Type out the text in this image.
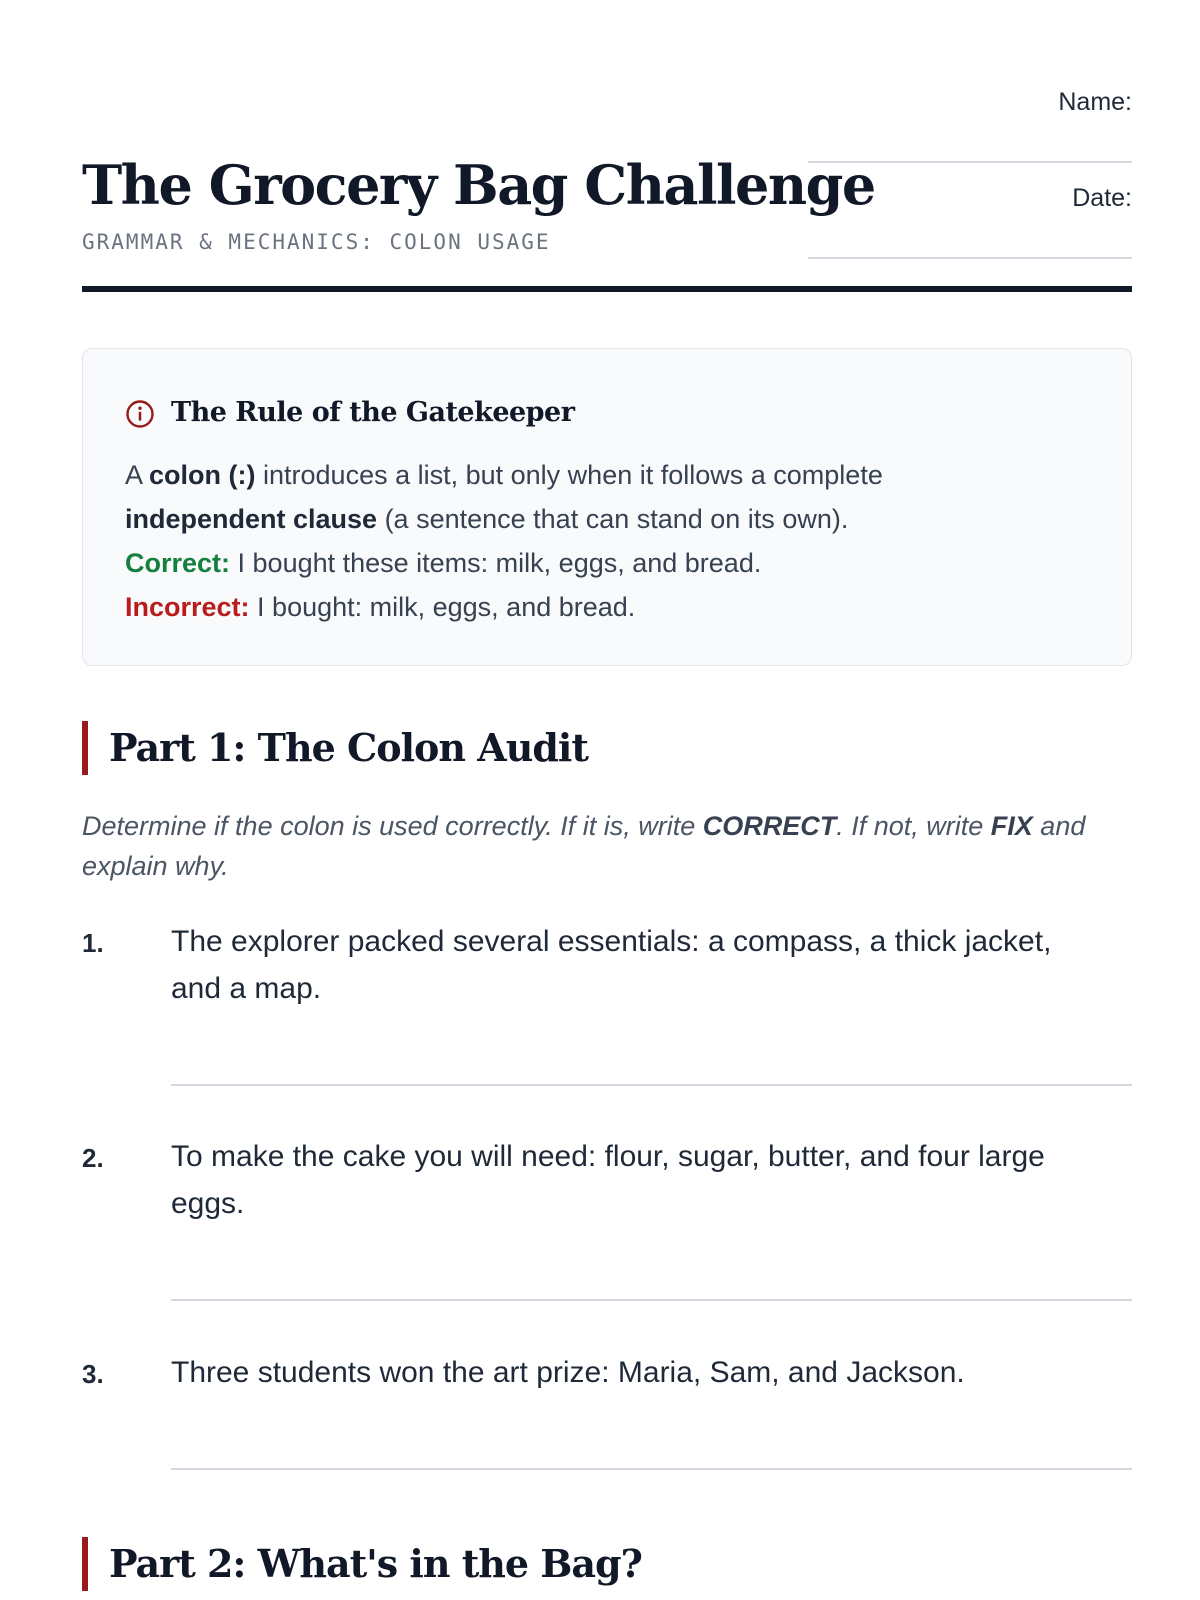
The Grocery Bag Challenge
GRAMMAR & MECHANICS: COLON USAGE
Name:
Date:
The Rule of the Gatekeeper
A colon (:) introduces a list, but only when it follows a complete
independent clause (a sentence that can stand on its own).
Correct: I bought these items: milk, eggs, and bread.
Incorrect: I bought: milk, eggs, and bread.
Part 1: The Colon Audit
Determine if the colon is used correctly. If it is, write CORRECT. If not, write FIX and explain why.
1. The explorer packed several essentials: a compass, a thick jacket, and a map.
2. To make the cake you will need: flour, sugar, butter, and four large eggs.
3. Three students won the art prize: Maria, Sam, and Jackson.
Part 2: What's in the Bag?
